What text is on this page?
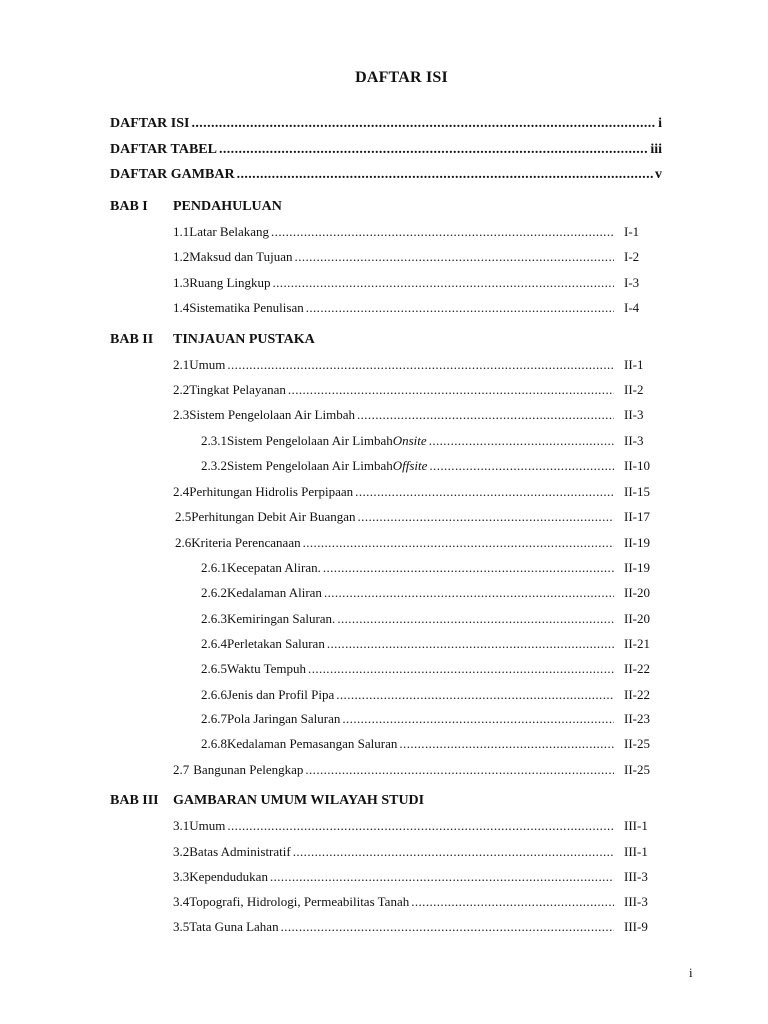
DAFTAR ISI
DAFTAR ISI .....	i
DAFTAR TABEL .....	iii
DAFTAR GAMBAR .....	v
BAB I PENDAHULUAN
1.1 Latar Belakang .....	I-1
1.2 Maksud dan Tujuan .....	I-2
1.3 Ruang Lingkup .....	I-3
1.4 Sistematika Penulisan .....	I-4
BAB II TINJAUAN PUSTAKA
2.1 Umum .....	II-1
2.2 Tingkat Pelayanan .....	II-2
2.3 Sistem Pengelolaan Air Limbah .....	II-3
2.3.1 Sistem Pengelolaan Air Limbah Onsite .....	II-3
2.3.2 Sistem Pengelolaan Air Limbah Offsite .....	II-10
2.4 Perhitungan Hidrolis Perpipaan .....	II-15
2.5 Perhitungan Debit Air Buangan .....	II-17
2.6 Kriteria Perencanaan .....	II-19
2.6.1 Kecepatan Aliran. .....	II-19
2.6.2 Kedalaman Aliran .....	II-20
2.6.3 Kemiringan Saluran. .....	II-20
2.6.4 Perletakan Saluran .....	II-21
2.6.5 Waktu Tempuh .....	II-22
2.6.6 Jenis dan Profil Pipa .....	II-22
2.6.7 Pola Jaringan Saluran .....	II-23
2.6.8 Kedalaman Pemasangan Saluran .....	II-25
2.7 Bangunan Pelengkap .....	II-25
BAB III GAMBARAN UMUM WILAYAH STUDI
3.1 Umum .....	III-1
3.2 Batas Administratif .....	III-1
3.3 Kependudukan .....	III-3
3.4 Topografi, Hidrologi, Permeabilitas Tanah .....	III-3
3.5 Tata Guna Lahan .....	III-9
i
